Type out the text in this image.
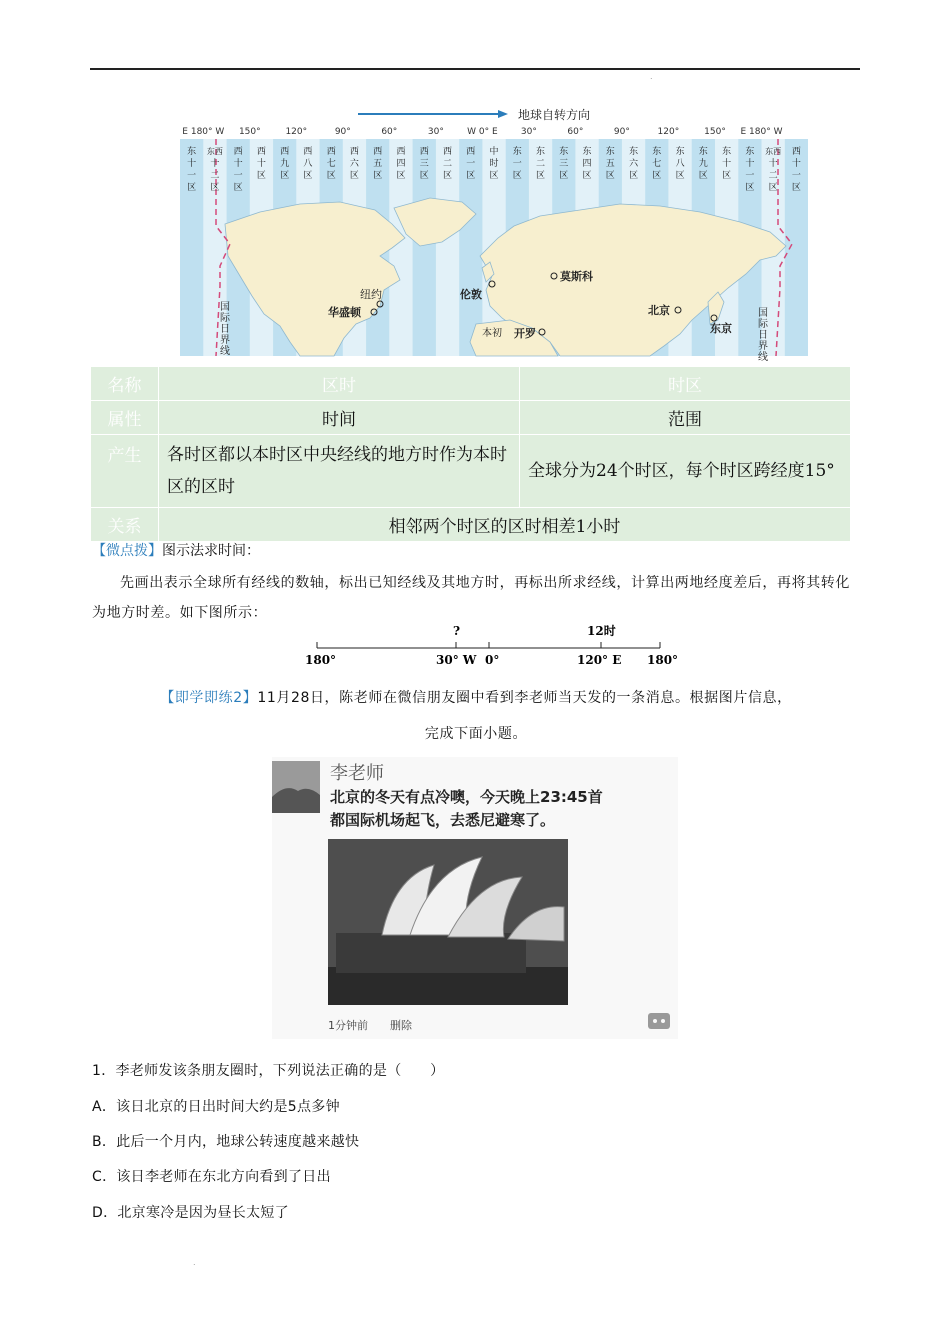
.
地球自转方向
E 180° W 150°	120°	90°	60°	30°	W 0° E	30°	60°	90°	120°	150° E 180° W
东
十
一
区
东西
十
二
区
西
十
一
区
西
十
区
西
九
区
西
八
区
西
七
区
西
六
区
西
五
区
西
四
区
西
三
区
西
二
区
西
一
区
中
时
区
东
一
区
东
二
区
东
三
区
东
四
区
东
五
区
东
六
区
东
七
区
东
八
区
东
九
区
东
十
区
东
十
一
区
东西
十
二
区
西
十
一
区
纽约
华盛顿
伦敦
莫斯科
开罗
北京
东京
本初
国际日界线
国际日界线
名称	区时	时区
属性	时间	范围
产生	各时区都以本时区中央经线的地方时作为本时区的区时	全球分为24个时区，每个时区跨经度15°
关系	相邻两个时区的区时相差1小时	
【微点拨】图示法求时间：
先画出表示全球所有经线的数轴，标出已知经线及其地方时，再标出所求经线，计算出两地经度差后，再将其转化为地方时差。如下图所示：
?	12时
180°	30° W 0°	120° E 180°
【即学即练2】11月28日，陈老师在微信朋友圈中看到李老师当天发的一条消息。根据图片信息，
完成下面小题。
李老师
北京的冬天有点冷噢，今天晚上23:45首
都国际机场起飞，去悉尼避寒了。
1分钟前 删除
1．李老师发该条朋友圈时，下列说法正确的是（　　）
A．该日北京的日出时间大约是5点多钟
B．此后一个月内，地球公转速度越来越快
C．该日李老师在东北方向看到了日出
D．北京寒冷是因为昼长太短了
.
